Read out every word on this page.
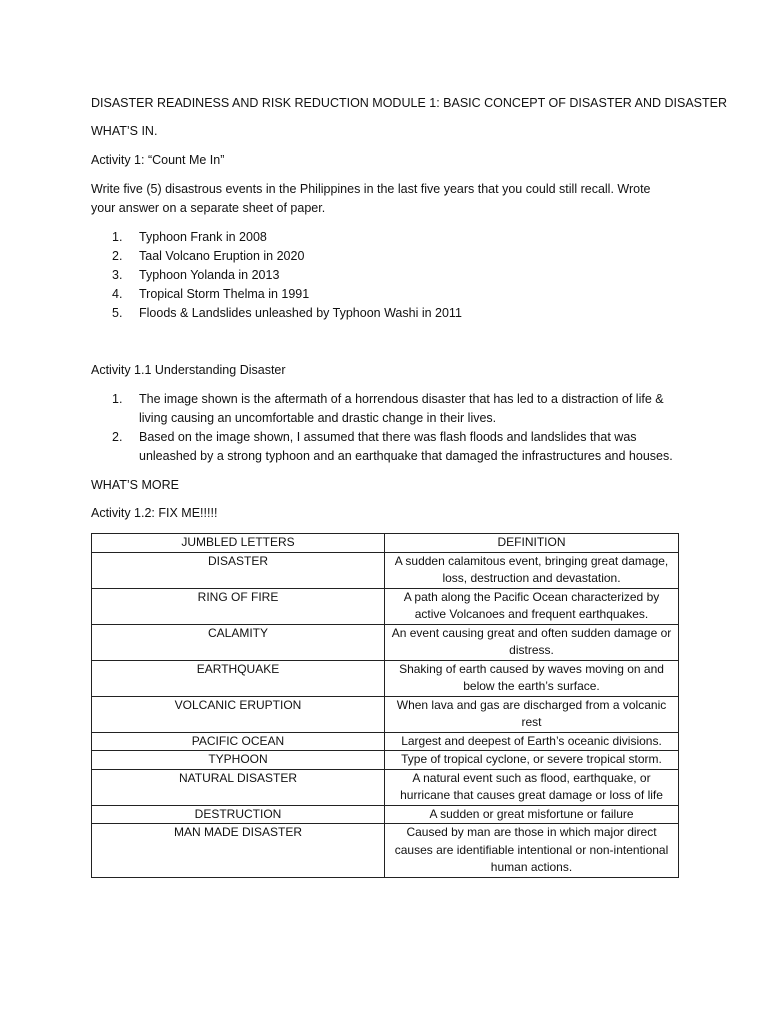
DISASTER READINESS AND RISK REDUCTION MODULE 1: BASIC CONCEPT OF DISASTER AND DISASTER

WHAT’S IN.

Activity 1: “Count Me In”

Write five (5) disastrous events in the Philippines in the last five years that you could still recall. Wrote your answer on a separate sheet of paper.

1. Typhoon Frank in 2008
2. Taal Volcano Eruption in 2020
3. Typhoon Yolanda in 2013
4. Tropical Storm Thelma in 1991
5. Floods & Landslides unleashed by Typhoon Washi in 2011

Activity 1.1 Understanding Disaster

1. The image shown is the aftermath of a horrendous disaster that has led to a distraction of life & living causing an uncomfortable and drastic change in their lives.
2. Based on the image shown, I assumed that there was flash floods and landslides that was unleashed by a strong typhoon and an earthquake that damaged the infrastructures and houses.

WHAT’S MORE

Activity 1.2: FIX ME!!!!!

JUMBLED LETTERS	DEFINITION
DISASTER	A sudden calamitous event, bringing great damage, loss, destruction and devastation.
RING OF FIRE	A path along the Pacific Ocean characterized by active Volcanoes and frequent earthquakes.
CALAMITY	An event causing great and often sudden damage or distress.
EARTHQUAKE	Shaking of earth caused by waves moving on and below the earth’s surface.
VOLCANIC ERUPTION	When lava and gas are discharged from a volcanic rest
PACIFIC OCEAN	Largest and deepest of Earth’s oceanic divisions.
TYPHOON	Type of tropical cyclone, or severe tropical storm.
NATURAL DISASTER	A natural event such as flood, earthquake, or hurricane that causes great damage or loss of life
DESTRUCTION	A sudden or great misfortune or failure
MAN MADE DISASTER	Caused by man are those in which major direct causes are identifiable intentional or non-intentional human actions.
